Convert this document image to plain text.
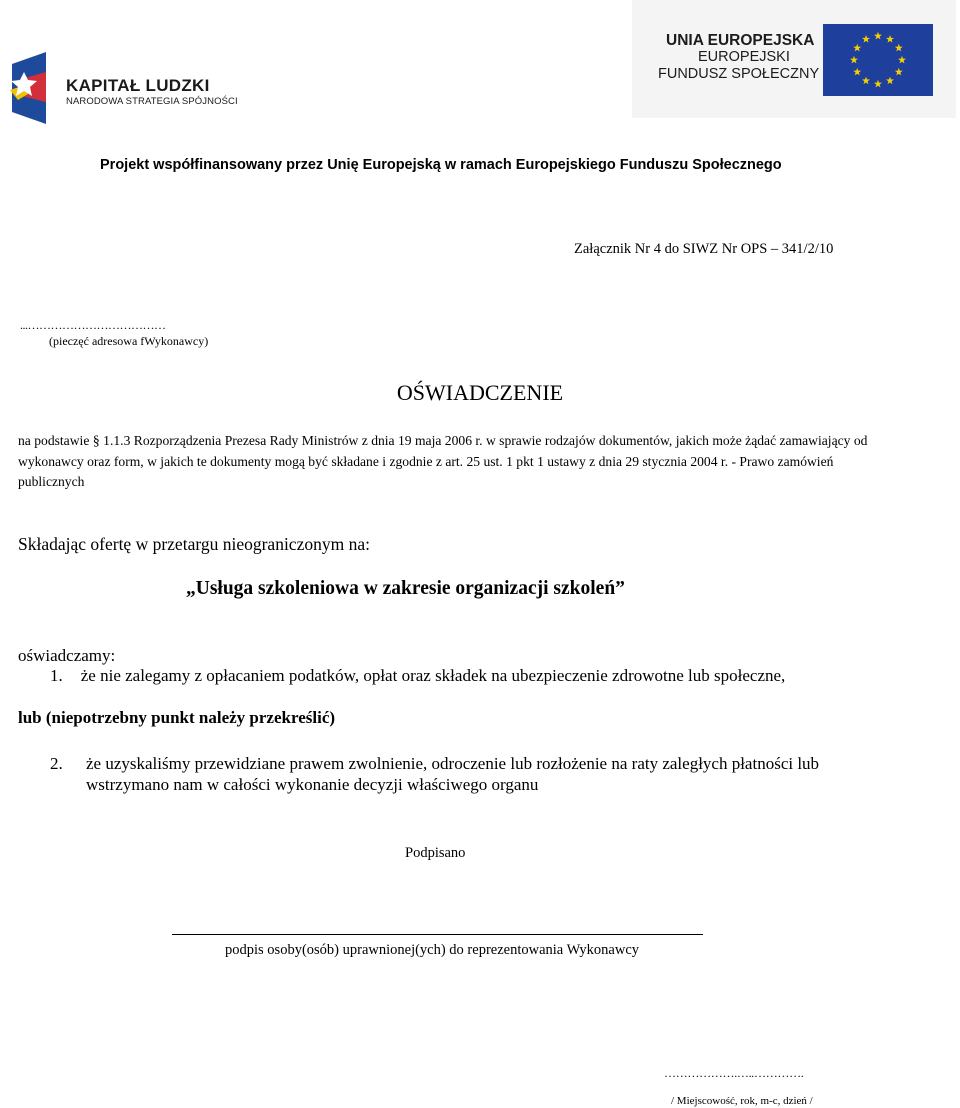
KAPITAŁ LUDZKI
NARODOWA STRATEGIA SPÓJNOŚCI
UNIA EUROPEJSKA
EUROPEJSKI
FUNDUSZ SPOŁECZNY
Projekt współfinansowany przez Unię Europejską w ramach Europejskiego Funduszu Społecznego
Załącznik Nr 4 do SIWZ Nr OPS – 341/2/10
...………………………………
(pieczęć adresowa fWykonawcy)
OŚWIADCZENIE
na podstawie § 1.1.3 Rozporządzenia Prezesa Rady Ministrów z dnia 19 maja 2006 r. w sprawie rodzajów dokumentów, jakich może żądać zamawiający od wykonawcy oraz form, w jakich te dokumenty mogą być składane i zgodnie z art. 25 ust. 1 pkt 1 ustawy z dnia 29 stycznia 2004 r. - Prawo zamówień publicznych
Składając ofertę w przetargu nieograniczonym na:
„Usługa szkoleniowa w zakresie organizacji szkoleń”
oświadczamy:
1. że nie zalegamy z opłacaniem podatków, opłat oraz składek na ubezpieczenie zdrowotne lub społeczne,
lub (niepotrzebny punkt należy przekreślić)
2. że uzyskaliśmy przewidziane prawem zwolnienie, odroczenie lub rozłożenie na raty zaległych płatności lub wstrzymano nam w całości wykonanie decyzji właściwego organu
Podpisano
podpis osoby(osób) uprawnionej(ych) do reprezentowania Wykonawcy
……………….…..………….
/ Miejscowość, rok, m-c, dzień /
